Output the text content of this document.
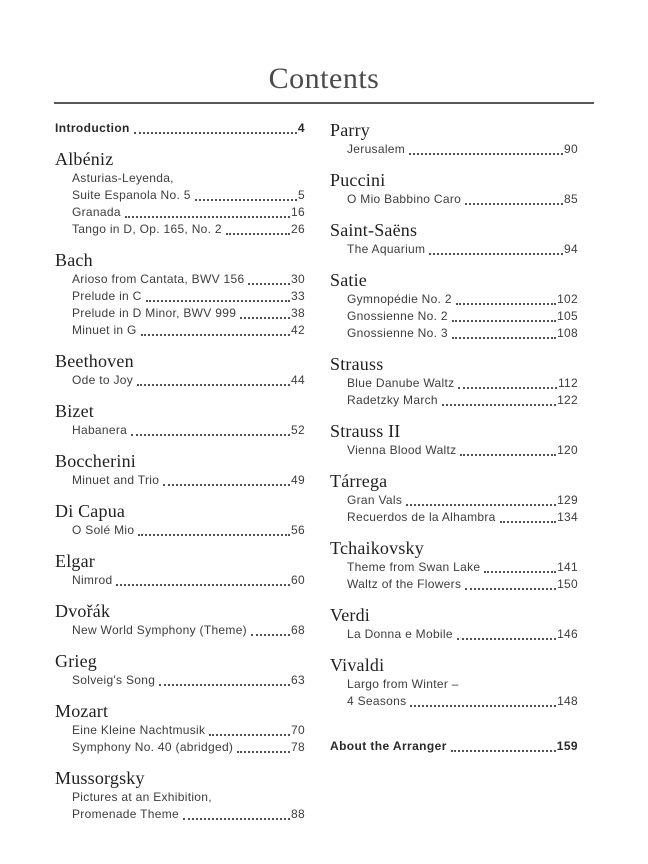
Contents
Introduction	4
Albéniz
Asturias-Leyenda,
Suite Espanola No. 5	5
Granada	16
Tango in D, Op. 165, No. 2	26
Bach
Arioso from Cantata, BWV 156	30
Prelude in C	33
Prelude in D Minor, BWV 999	38
Minuet in G	42
Beethoven
Ode to Joy	44
Bizet
Habanera	52
Boccherini
Minuet and Trio	49
Di Capua
O Solé Mio	56
Elgar
Nimrod	60
Dvořák
New World Symphony (Theme)	68
Grieg
Solveig's Song	63
Mozart
Eine Kleine Nachtmusik	70
Symphony No. 40 (abridged)	78
Mussorgsky
Pictures at an Exhibition,
Promenade Theme	88
Parry
Jerusalem	90
Puccini
O Mio Babbino Caro	85
Saint-Saëns
The Aquarium	94
Satie
Gymnopédie No. 2	102
Gnossienne No. 2	105
Gnossienne No. 3	108
Strauss
Blue Danube Waltz	112
Radetzky March	122
Strauss II
Vienna Blood Waltz	120
Tárrega
Gran Vals	129
Recuerdos de la Alhambra	134
Tchaikovsky
Theme from Swan Lake	141
Waltz of the Flowers	150
Verdi
La Donna e Mobile	146
Vivaldi
Largo from Winter –
4 Seasons	148
About the Arranger	159
